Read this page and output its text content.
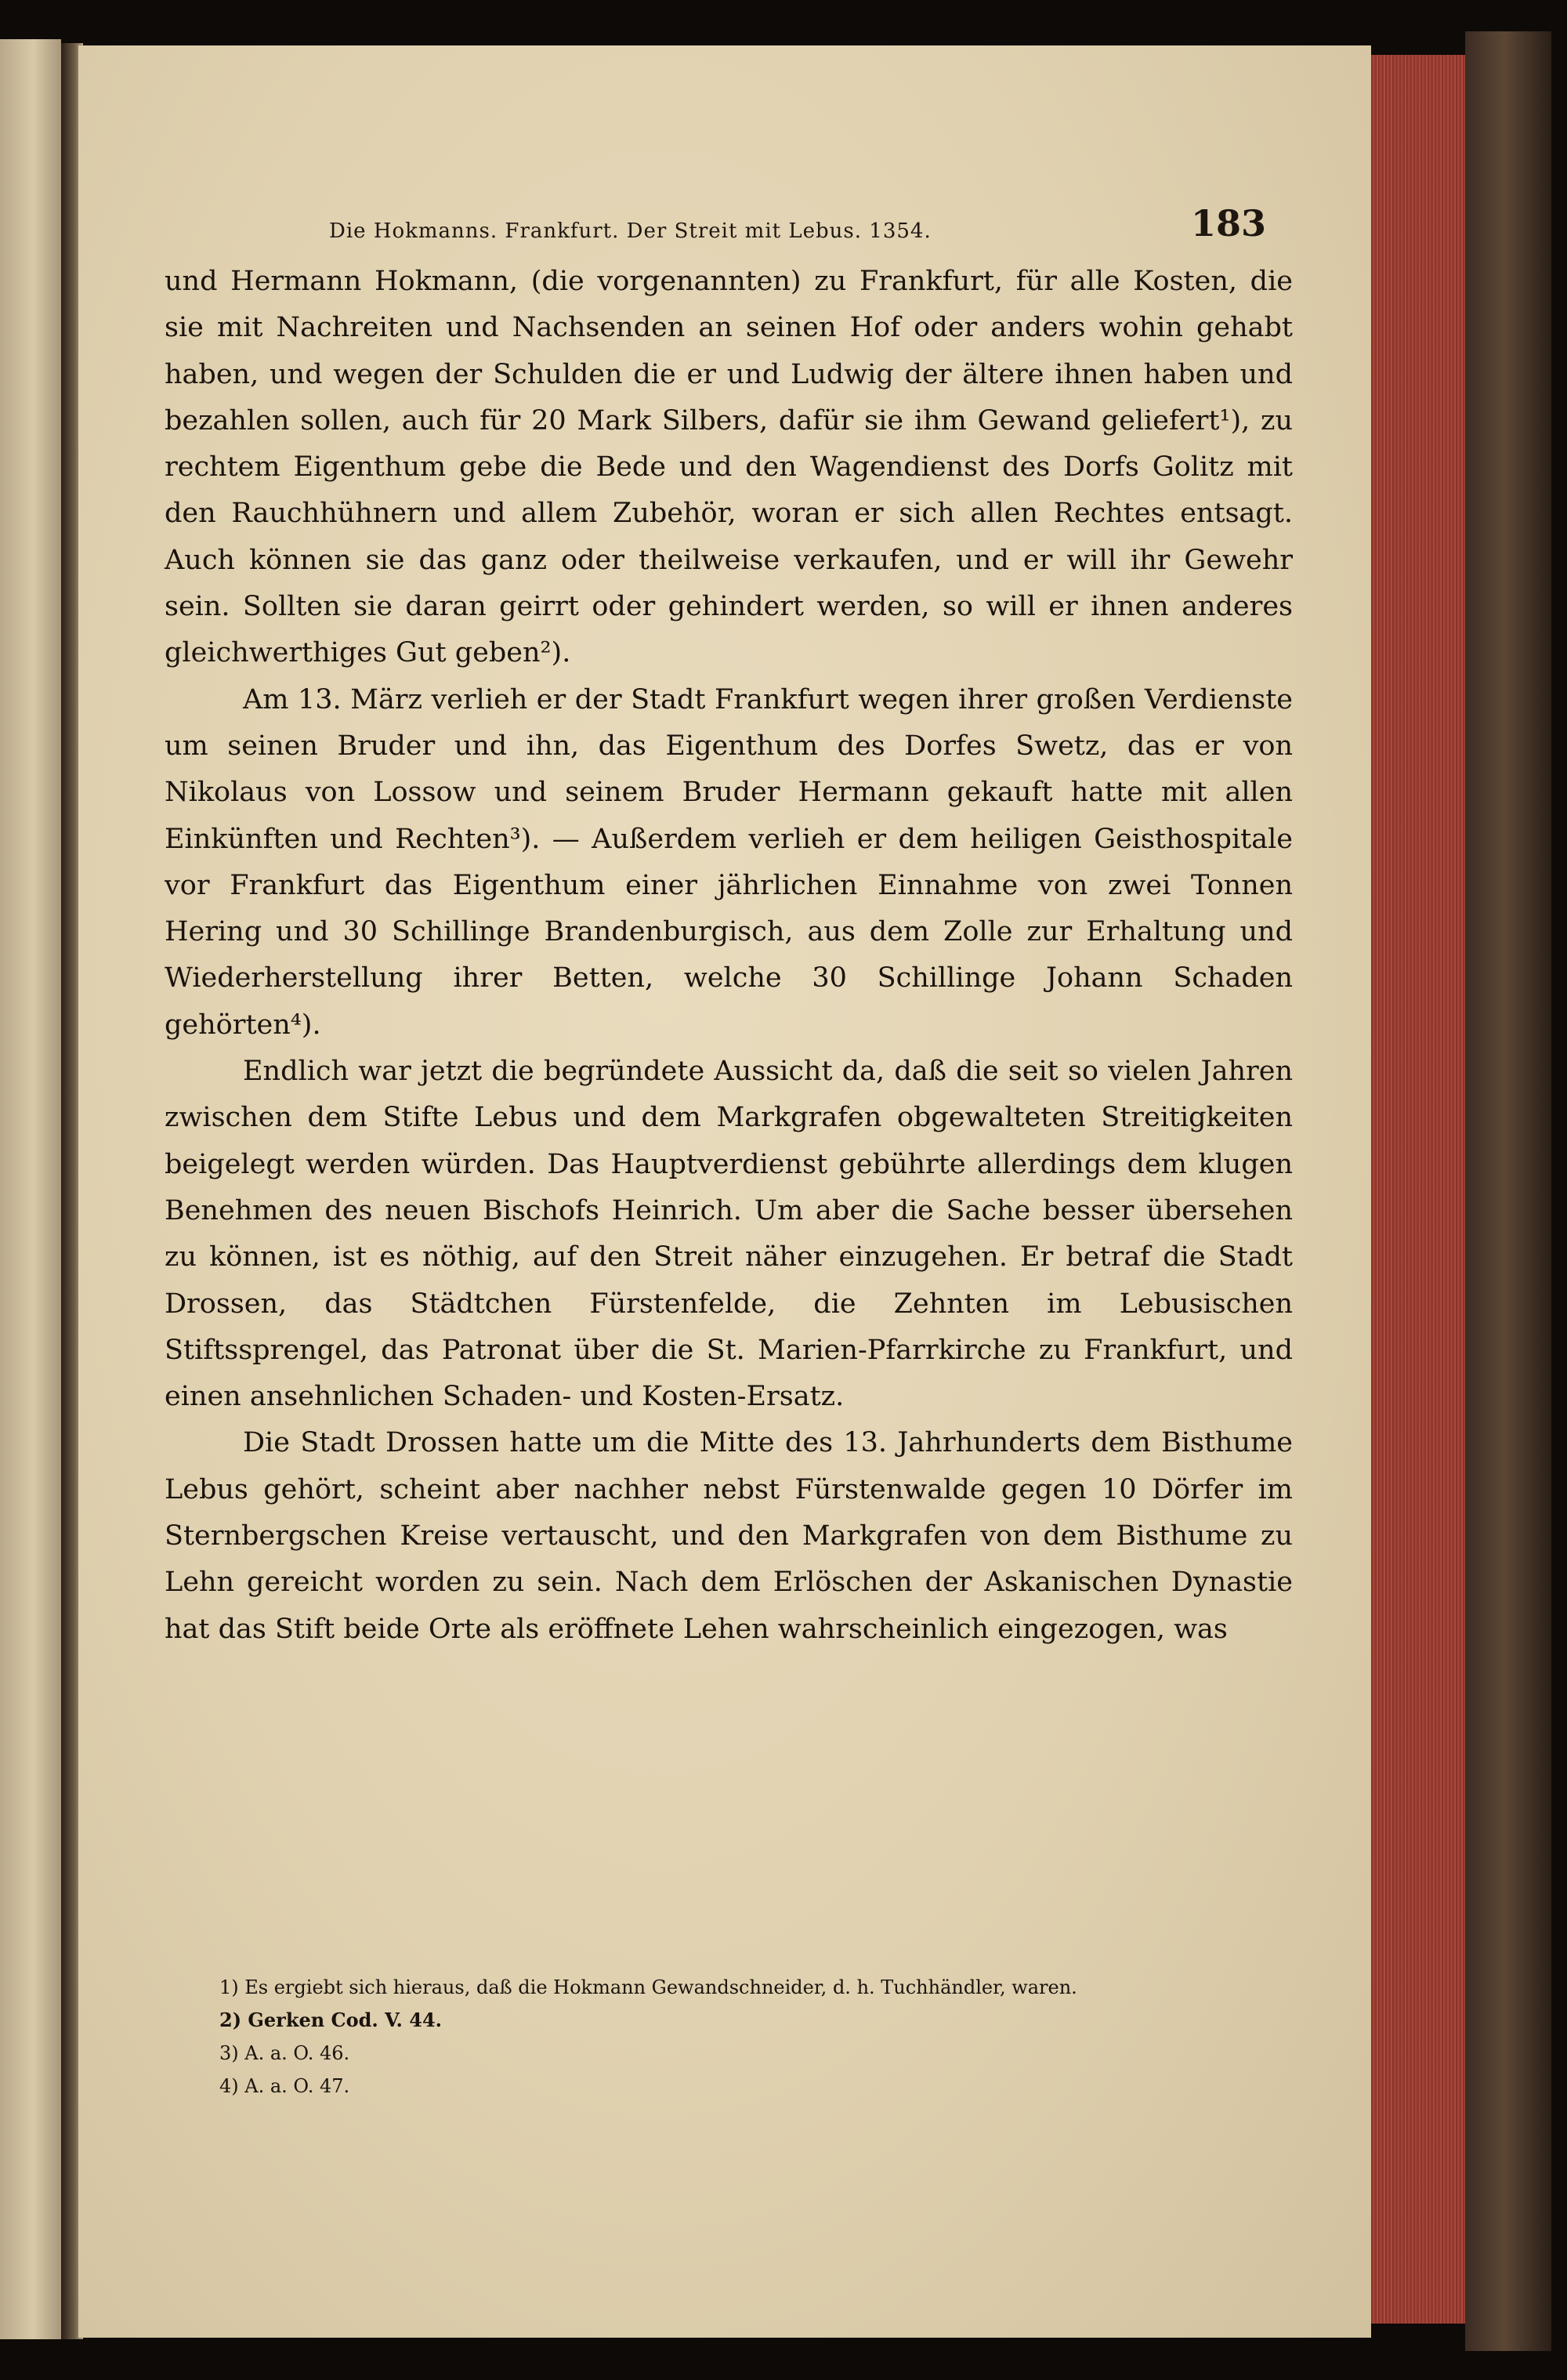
Die Hokmanns. Frankfurt. Der Streit mit Lebus. 1354.	183

und Hermann Hokmann, (die vorgenannten) zu Frankfurt, für alle Kosten, die sie mit Nachreiten und Nachsenden an seinen Hof oder anders wohin gehabt haben, und wegen der Schulden die er und Ludwig der ältere ihnen haben und bezahlen sollen, auch für 20 Mark Silbers, dafür sie ihm Gewand geliefert¹), zu rechtem Eigenthum gebe die Bede und den Wagendienst des Dorfs Golitz mit den Rauchhühnern und allem Zubehör, woran er sich allen Rechtes entsagt. Auch können sie das ganz oder theilweise verkaufen, und er will ihr Gewehr sein. Sollten sie daran geirrt oder gehindert werden, so will er ihnen anderes gleichwerthiges Gut geben²).

Am 13. März verlieh er der Stadt Frankfurt wegen ihrer großen Verdienste um seinen Bruder und ihn, das Eigenthum des Dorfes Swetz, das er von Nikolaus von Lossow und seinem Bruder Hermann gekauft hatte mit allen Einkünften und Rechten³). — Außerdem verlieh er dem heiligen Geisthospitale vor Frankfurt das Eigenthum einer jährlichen Einnahme von zwei Tonnen Hering und 30 Schillinge Brandenburgisch, aus dem Zolle zur Erhaltung und Wiederherstellung ihrer Betten, welche 30 Schillinge Johann Schaden gehörten⁴).

Endlich war jetzt die begründete Aussicht da, daß die seit so vielen Jahren zwischen dem Stifte Lebus und dem Markgrafen obgewalteten Streitigkeiten beigelegt werden würden. Das Hauptverdienst gebührte allerdings dem klugen Benehmen des neuen Bischofs Heinrich. Um aber die Sache besser übersehen zu können, ist es nöthig, auf den Streit näher einzugehen. Er betraf die Stadt Drossen, das Städtchen Fürstenfelde, die Zehnten im Lebusischen Stiftssprengel, das Patronat über die St. Marien-Pfarrkirche zu Frankfurt, und einen ansehnlichen Schaden- und Kosten-Ersatz.

Die Stadt Drossen hatte um die Mitte des 13. Jahrhunderts dem Bisthume Lebus gehört, scheint aber nachher nebst Fürstenwalde gegen 10 Dörfer im Sternbergschen Kreise vertauscht, und den Markgrafen von dem Bisthume zu Lehn gereicht worden zu sein. Nach dem Erlöschen der Askanischen Dynastie hat das Stift beide Orte als eröffnete Lehen wahrscheinlich eingezogen, was

1) Es ergiebt sich hieraus, daß die Hokmann Gewandschneider, d. h. Tuchhändler, waren.

2) Gerken Cod. V. 44.

3) A. a. O. 46.

4) A. a. O. 47.
